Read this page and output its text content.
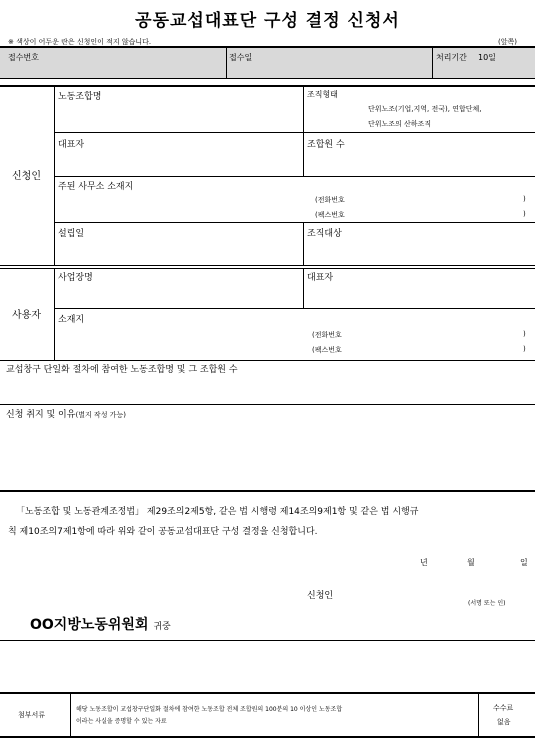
공동교섭대표단 구성 결정 신청서
※ 색상이 어두운 란은 신청인이 적지 않습니다.	(앞쪽)
접수번호	접수일	처리기간 10일
신청인
노동조합명	조직형태
단위노조(기업,지역, 전국), 연합단체,
단위노조의 산하조직
대표자	조합원 수
주된 사무소 소재지
(전화번호	)
(팩스번호	)
설립일	조직대상
사용자
사업장명	대표자
소재지
(전화번호	)
(팩스번호	)
교섭창구 단일화 절차에 참여한 노동조합명 및 그 조합원 수
신청 취지 및 이유(별지 작성 가능)
「노동조합 및 노동관계조정법」 제29조의2제5항, 같은 법 시행령 제14조의9제1항 및 같은 법 시행규
칙 제10조의7제1항에 따라 위와 같이 공동교섭대표단 구성 결정을 신청합니다.
년	월	일
신청인
(서명 또는 인)
OO지방노동위원회 귀중
첨부서류
해당 노동조합이 교섭창구단일화 절차에 참여한 노동조합 전체 조합원의 100분의 10 이상인 노동조합
이라는 사실을 증명할 수 있는 자료
수수료
없음
